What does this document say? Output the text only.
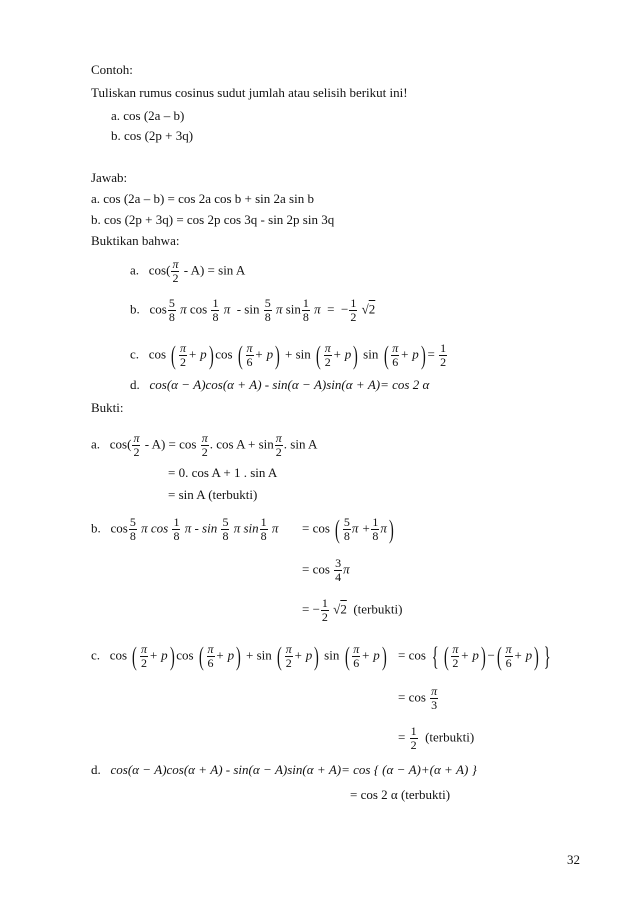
Contoh:
Tuliskan rumus cosinus sudut jumlah atau selisih berikut ini!
a. cos (2a – b)
b. cos (2p + 3q)
Jawab:
a. cos (2a – b) = cos 2a cos b + sin 2a sin b
b. cos (2p + 3q) = cos 2p cos 3q - sin 2p sin 3q
Buktikan bahwa:
a. $\cos( \frac{\pi}{2} - A) = \sin A$
b. $\cos \frac{5}{8}$ π $\cos \frac{1}{8}$ π - $\sin \frac{5}{8}$ π $\sin \frac{1}{8}$ π = − $\frac{1}{2} √2$
c. cos ( $\frac{\pi}{2} + p$) cos ( $\frac{\pi}{6} + p) + \sin$ ( $\frac{\pi}{2} + p$) sin ( $\frac{\pi}{6} + p) = \frac{1}{2}$
d. cos(α − A)cos(α + A) - sin(α − A)sin(α + A)= cos 2 α
Bukti:
a. $\cos( \frac{\pi}{2} - A) = \cos \frac{\pi}{2}$ . $\cos A + \sin \frac{\pi}{2}$ . sin A
= 0. cos A + 1 . sin A
= sin A (terbukti)
b. $\cos \frac{5}{8}$ π $\cos \frac{1}{8}$ π - $\sin \frac{5}{8}$ π $\sin \frac{1}{8}$ π = cos ( $\frac{5}{8}$ $\pi + \frac{1}{8} \pi$)
= $\cos \frac{3}{4}$ π
= − $\frac{1}{2} √2$ (terbukti)
c. cos ( $\frac{\pi}{2} + p$) cos ( $\frac{\pi}{6} + p) + \sin$ ( $\frac{\pi}{2} + p$) sin ( $\frac{\pi}{6} + p) = \cos$ { ( $\frac{\pi}{2} + p$) −( $\frac{\pi}{6} + p$) }
= $\cos \frac{\pi}{3}$
= $\frac{1}{2}$ (terbukti)
d. cos(α − A)cos(α + A) - sin(α − A)sin(α + A)= cos { (α − A)+(α + A) }
= cos 2 α (terbukti)
32
